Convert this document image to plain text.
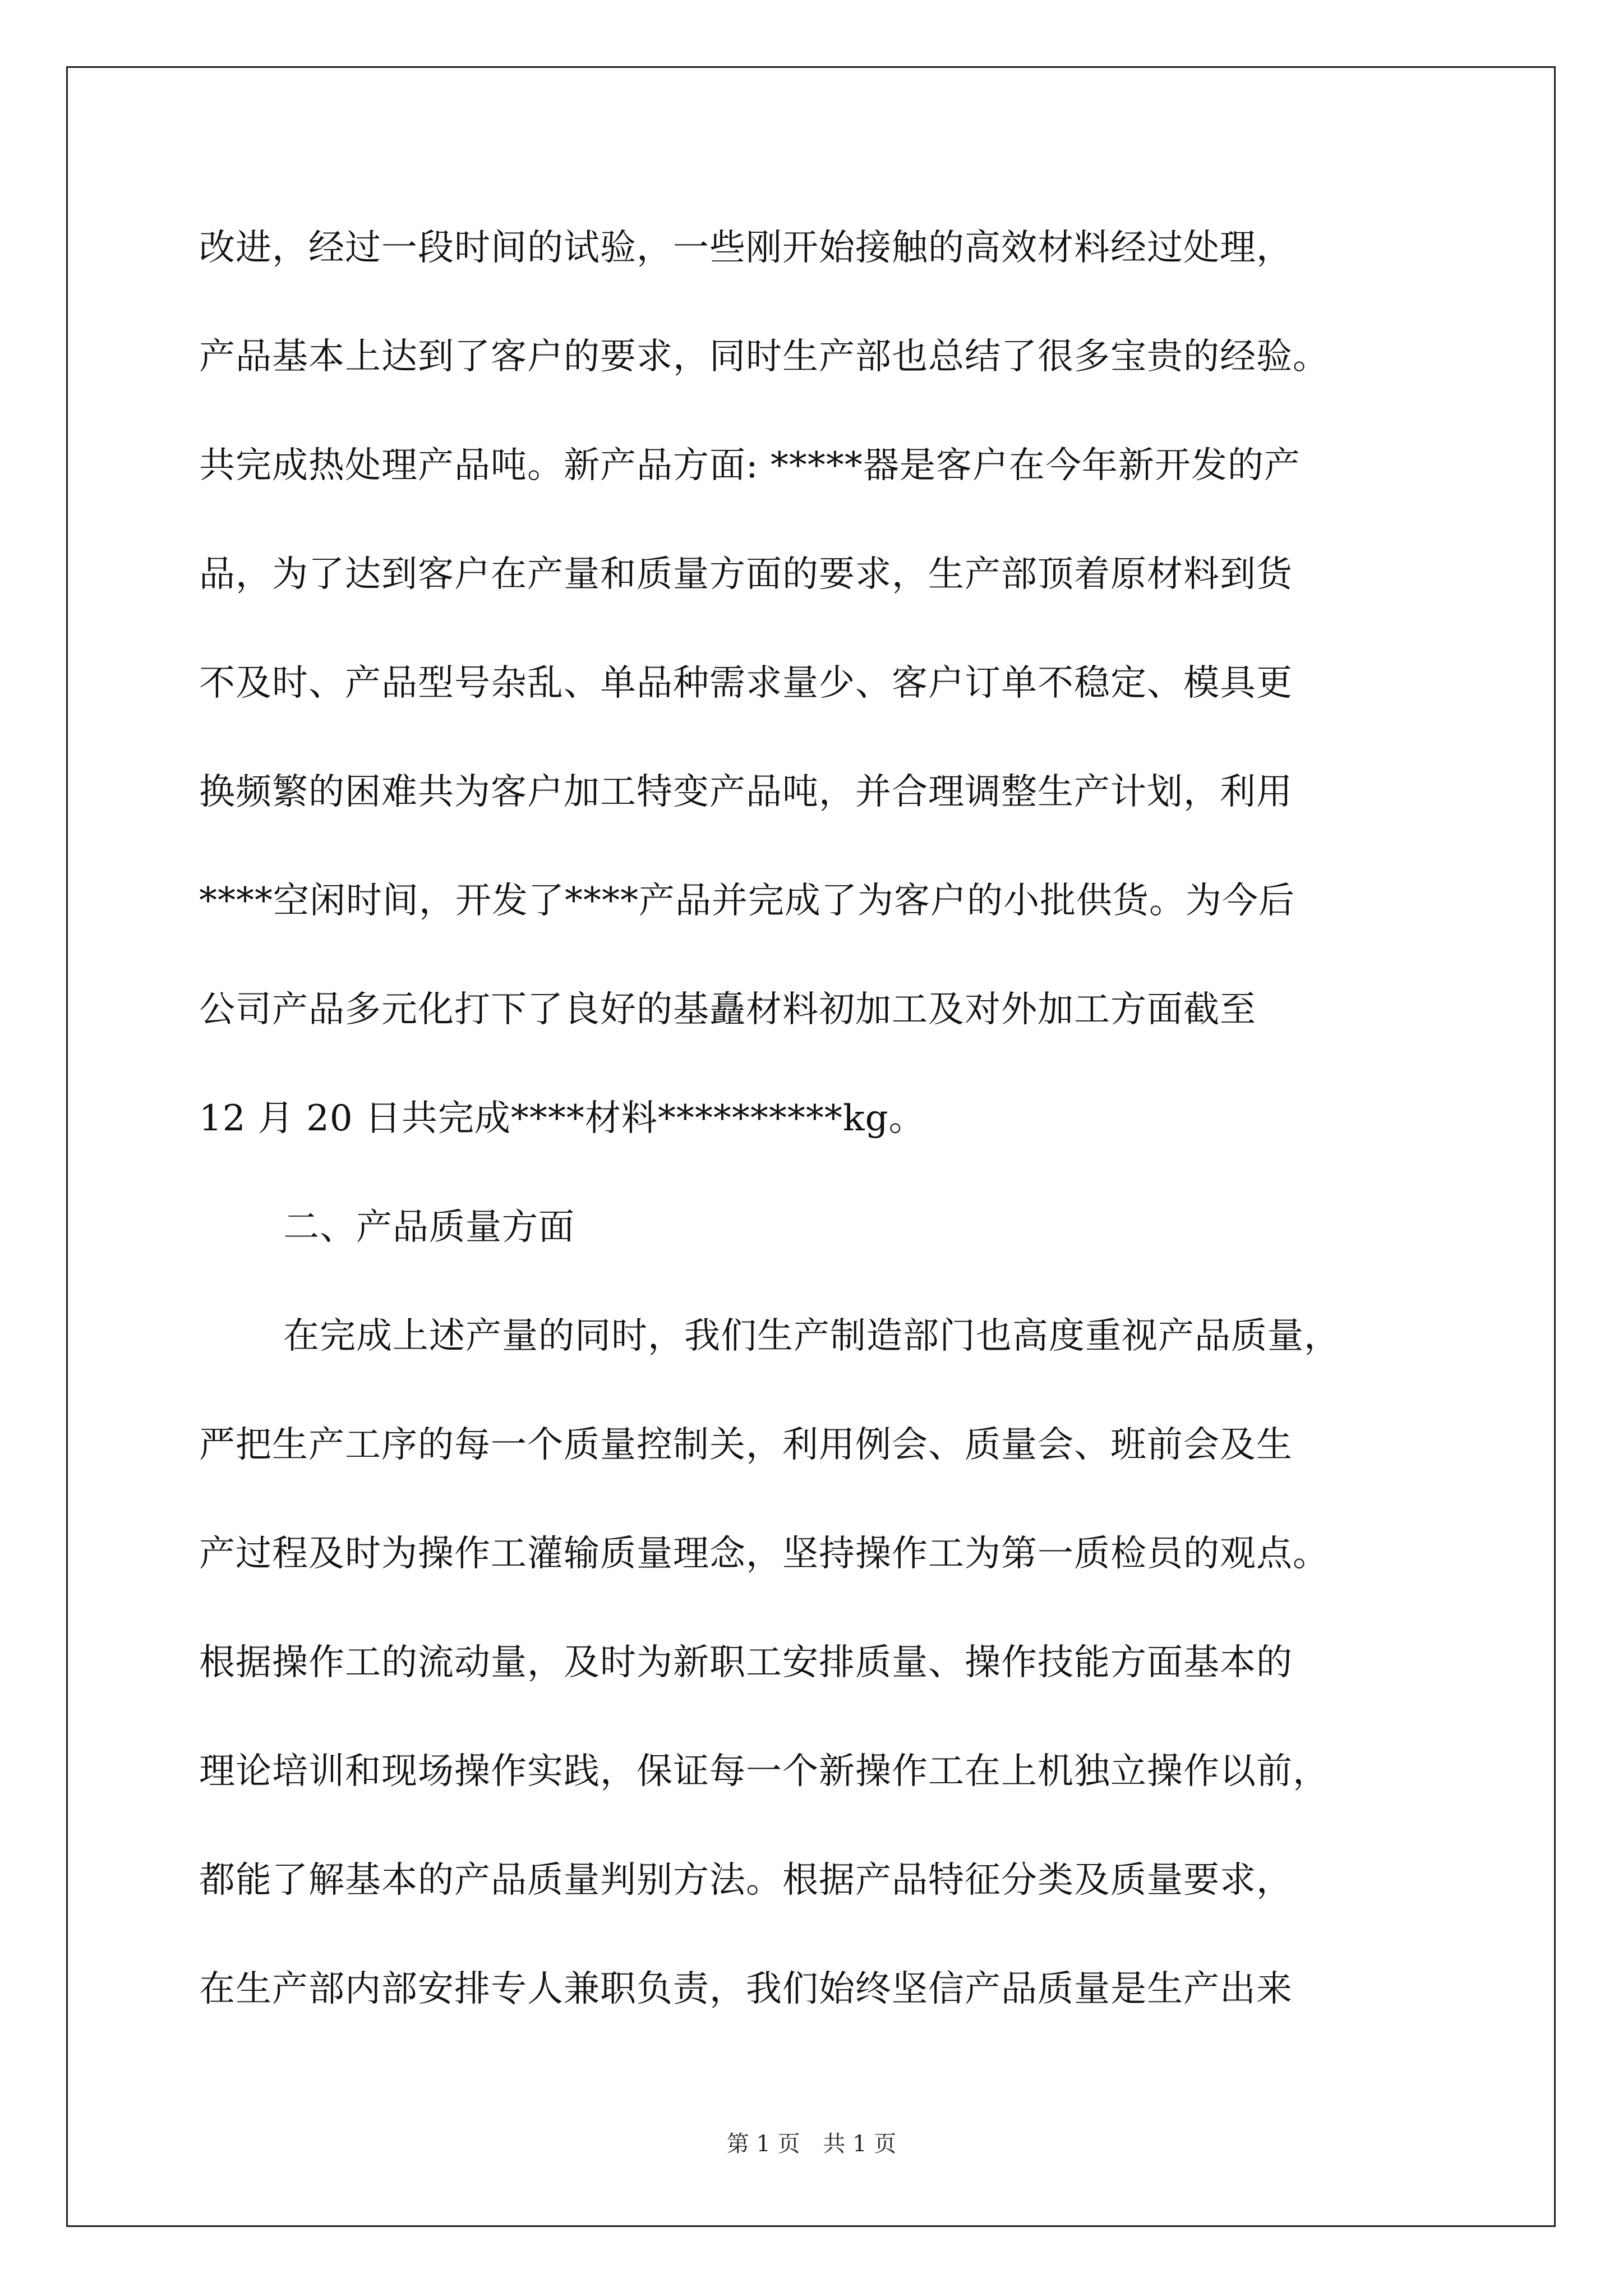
改进，经过一段时间的试验，一些刚开始接触的高效材料经过处理，

产品基本上达到了客户的要求，同时生产部也总结了很多宝贵的经验。

共完成热处理产品吨。新产品方面: *****器是客户在今年新开发的产

品，为了达到客户在产量和质量方面的要求，生产部顶着原材料到货

不及时、产品型号杂乱、单品种需求量少、客户订单不稳定、模具更

换频繁的困难共为客户加工特变产品吨，并合理调整生产计划，利用

****空闲时间，开发了****产品并完成了为客户的小批供货。为今后

公司产品多元化打下了良好的基矗材料初加工及对外加工方面截至

12 月 20 日共完成****材料**********kg。

二、产品质量方面

在完成上述产量的同时，我们生产制造部门也高度重视产品质量，

严把生产工序的每一个质量控制关，利用例会、质量会、班前会及生

产过程及时为操作工灌输质量理念，坚持操作工为第一质检员的观点。

根据操作工的流动量，及时为新职工安排质量、操作技能方面基本的

理论培训和现场操作实践，保证每一个新操作工在上机独立操作以前，

都能了解基本的产品质量判别方法。根据产品特征分类及质量要求，

在生产部内部安排专人兼职负责，我们始终坚信产品质量是生产出来

第 1 页 共 1 页
